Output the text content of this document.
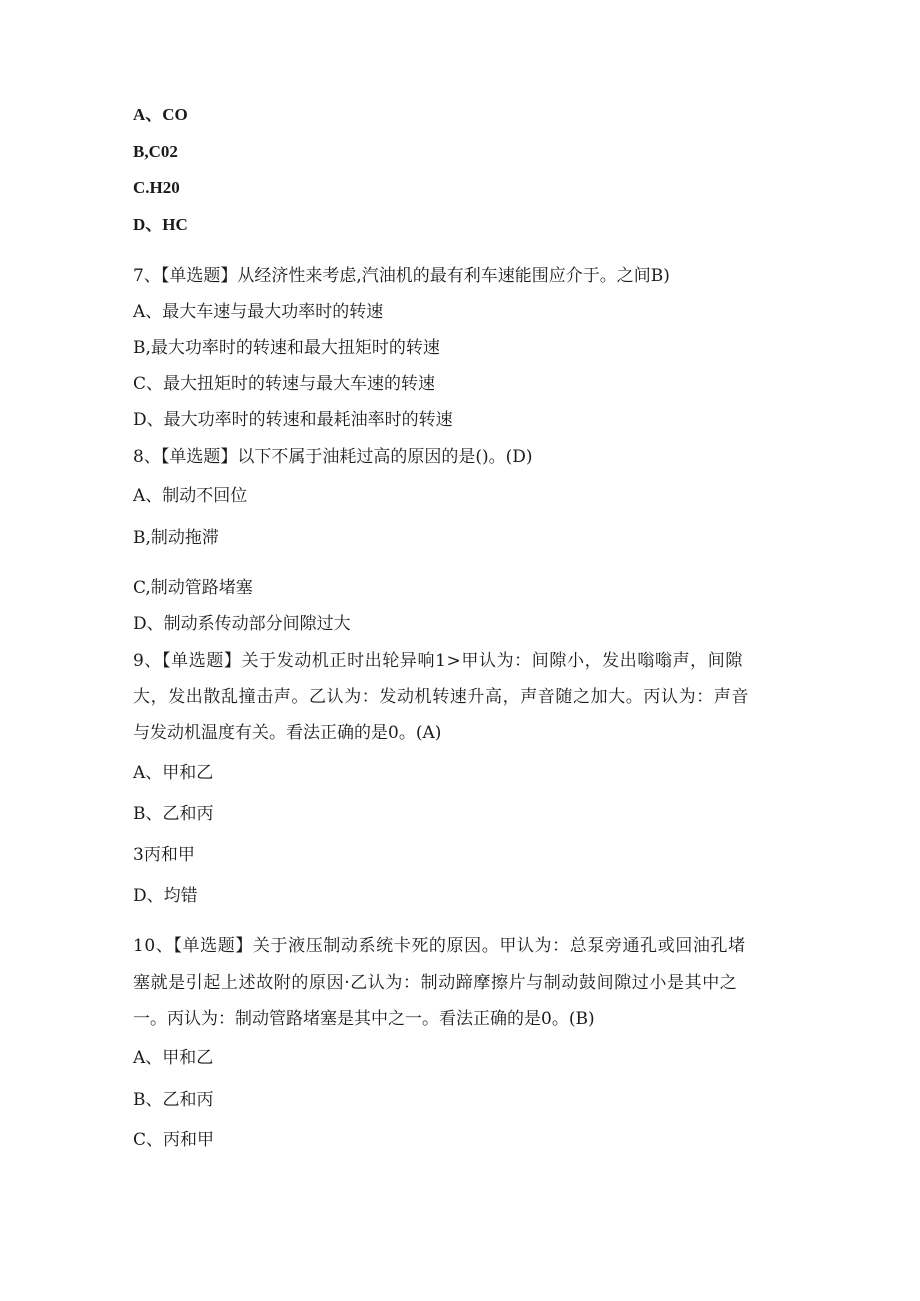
A、CO
B,C02
C.H20
D、HC
7、【单选题】从经济性来考虑,汽油机的最有利车速能围应介于。之间B)
A、最大车速与最大功率时的转速
B,最大功率时的转速和最大扭矩时的转速
C、最大扭矩时的转速与最大车速的转速
D、最大功率时的转速和最耗油率时的转速
8、【单选题】以下不属于油耗过高的原因的是()。(D)
A、制动不回位
B,制动拖滞
C,制动管路堵塞
D、制动系传动部分间隙过大
9、【单选题】关于发动机正时出轮异响1>甲认为：间隙小，发出嗡嗡声，间隙
大，发出散乱撞击声。乙认为：发动机转速升高，声音随之加大。丙认为：声音
与发动机温度有关。看法正确的是0。(A)
A、甲和乙
B、乙和丙
3丙和甲
D、均错
10、【单选题】关于液压制动系统卡死的原因。甲认为：总泵旁通孔或回油孔堵
塞就是引起上述故附的原因·乙认为：制动蹄摩擦片与制动鼓间隙过小是其中之
一。丙认为：制动管路堵塞是其中之一。看法正确的是0。(B)
A、甲和乙
B、乙和丙
C、丙和甲
